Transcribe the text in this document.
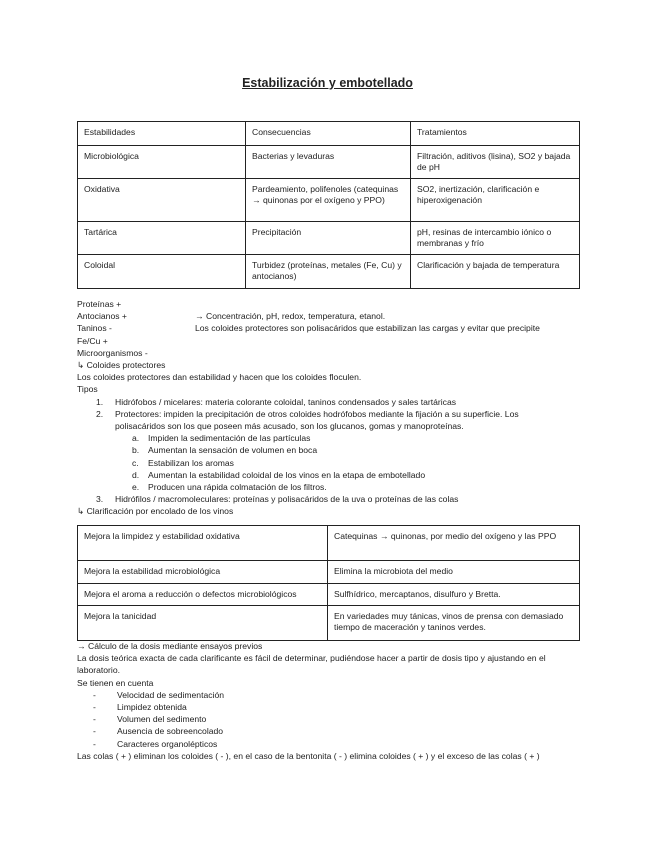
Estabilización y embotellado
Estabilidades	Consecuencias	Tratamientos
Microbiológica	Bacterias y levaduras	Filtración, aditivos (lisina), SO2 y bajada de pH
Oxidativa	Pardeamiento, polifenoles (catequinas → quinonas por el oxígeno y PPO)	SO2, inertización, clarificación e hiperoxigenación
Tartárica	Precipitación	pH, resinas de intercambio iónico o membranas y frío
Coloidal	Turbidez (proteínas, metales (Fe, Cu) y antocianos)	Clarificación y bajada de temperatura
Proteínas +
Antocianos +	→ Concentración, pH, redox, temperatura, etanol.
Taninos -	Los coloides protectores son polisacáridos que estabilizan las cargas y evitar que precipite
Fe/Cu +
Microorganismos -
↳ Coloides protectores
Los coloides protectores dan estabilidad y hacen que los coloides floculen.
Tipos
1. Hidrófobos / micelares: materia colorante coloidal, taninos condensados y sales tartáricas
2. Protectores: impiden la precipitación de otros coloides hodrófobos mediante la fijación a su superficie. Los
polisacáridos son los que poseen más acusado, son los glucanos, gomas y manoproteínas.
a. Impiden la sedimentación de las partículas
b. Aumentan la sensación de volumen en boca
c. Estabilizan los aromas
d. Aumentan la estabilidad coloidal de los vinos en la etapa de embotellado
e. Producen una rápida colmatación de los filtros.
3. Hidrófilos / macromoleculares: proteínas y polisacáridos de la uva o proteínas de las colas
↳ Clarificación por encolado de los vinos
Mejora la limpidez y estabilidad oxidativa	Catequinas → quinonas, por medio del oxígeno y las PPO
Mejora la estabilidad microbiológica	Elimina la microbiota del medio
Mejora el aroma a reducción o defectos microbiológicos	Sulfhídrico, mercaptanos, disulfuro y Bretta.
Mejora la tanicidad	En variedades muy tánicas, vinos de prensa con demasiado tiempo de maceración y taninos verdes.
→ Cálculo de la dosis mediante ensayos previos
La dosis teórica exacta de cada clarificante es fácil de determinar, pudiéndose hacer a partir de dosis tipo y ajustando en el laboratorio.
Se tienen en cuenta
- Velocidad de sedimentación
- Limpidez obtenida
- Volumen del sedimento
- Ausencia de sobreencolado
- Caracteres organolépticos
Las colas ( + ) eliminan los coloides ( - ), en el caso de la bentonita ( - ) elimina coloides ( + ) y el exceso de las colas ( + )
